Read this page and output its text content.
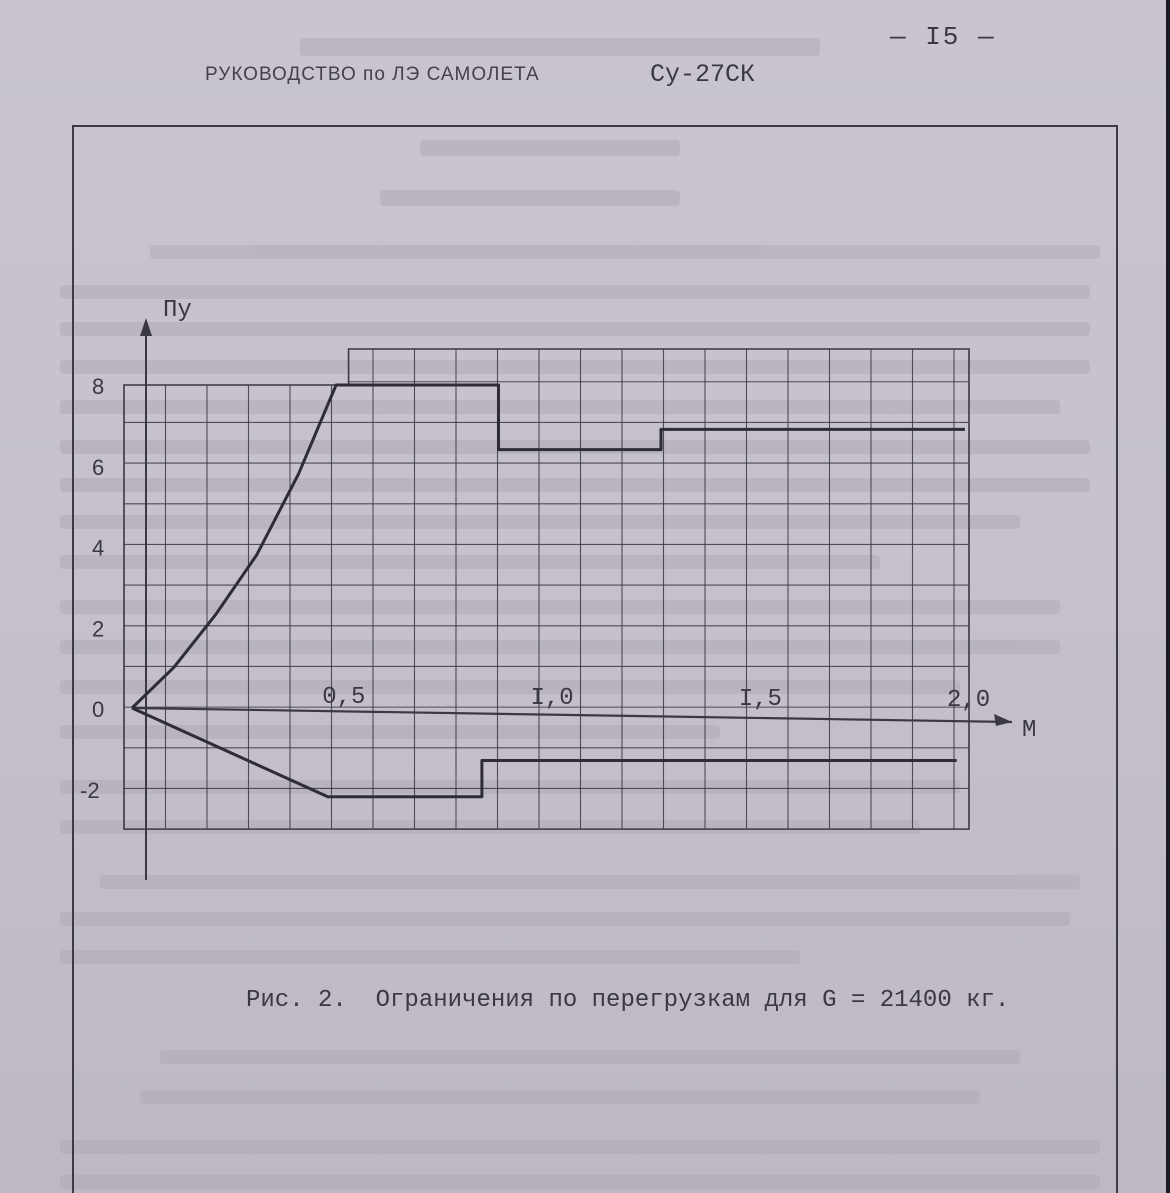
— I5 —
РУКОВОДСТВО по ЛЭ САМОЛЕТА	Су-27СК
M
Пу
0,5	I,0	I,5	2,0
-2
0
2
4
6
8
Рис. 2.  Ограничения по перегрузкам для G = 21400 кг.
